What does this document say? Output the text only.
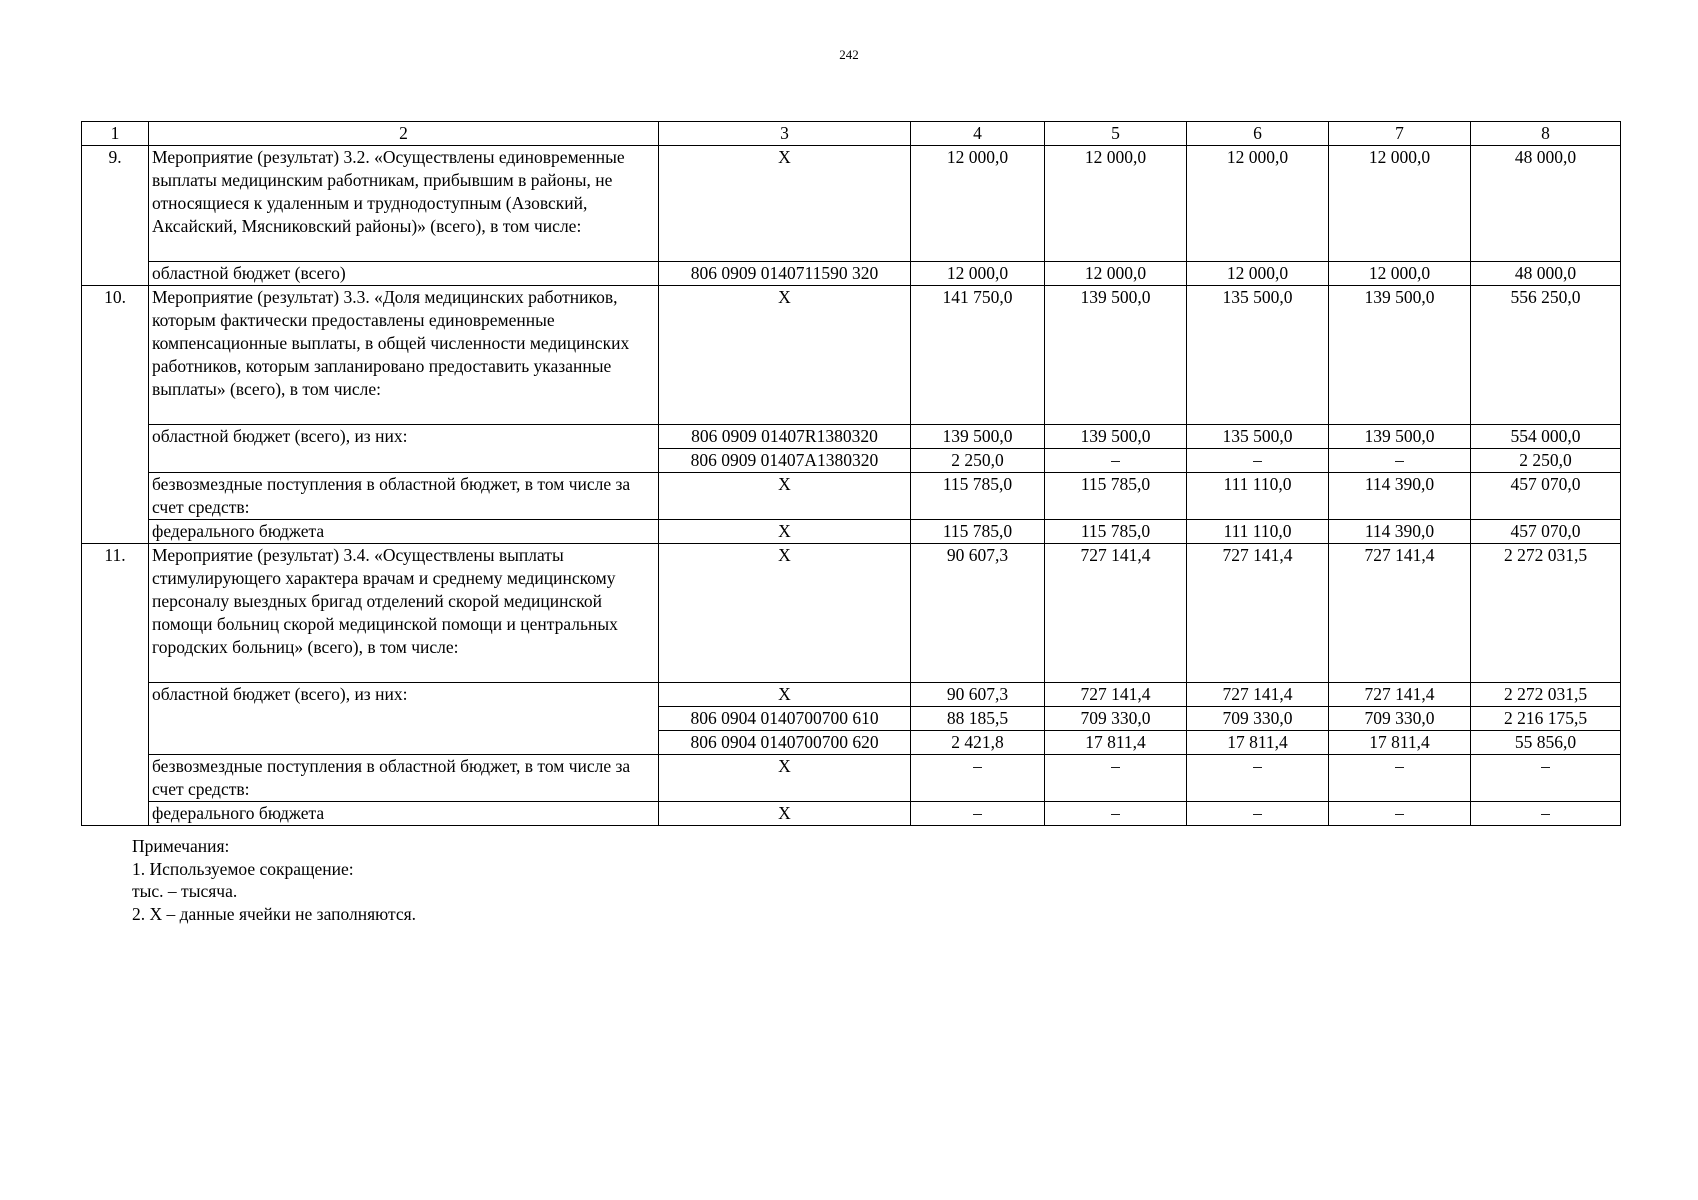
242
1	2	3	4	5	6	7	8
9.	Мероприятие (результат) 3.2. «Осуществлены единовременные выплаты медицинским работникам, прибывшим в районы, не относящиеся к удаленным и труднодоступным (Азовский, Аксайский, Мясниковский районы)» (всего), в том числе:	X	12 000,0	12 000,0	12 000,0	12 000,0	48 000,0
	областной бюджет (всего)	806 0909 0140711590 320	12 000,0	12 000,0	12 000,0	12 000,0	48 000,0
10.	Мероприятие (результат) 3.3. «Доля медицинских работников, которым фактически предоставлены единовременные компенсационные выплаты, в общей численности медицинских работников, которым запланировано предоставить указанные выплаты» (всего), в том числе:	X	141 750,0	139 500,0	135 500,0	139 500,0	556 250,0
	областной бюджет (всего), из них:	806 0909 01407R1380320	139 500,0	139 500,0	135 500,0	139 500,0	554 000,0
		806 0909 01407A1380320	2 250,0	–	–	–	2 250,0
	безвозмездные поступления в областной бюджет, в том числе за счет средств:	X	115 785,0	115 785,0	111 110,0	114 390,0	457 070,0
	федерального бюджета	X	115 785,0	115 785,0	111 110,0	114 390,0	457 070,0
11.	Мероприятие (результат) 3.4. «Осуществлены выплаты стимулирующего характера врачам и среднему медицинскому персоналу выездных бригад отделений скорой медицинской помощи больниц скорой медицинской помощи и центральных городских больниц» (всего), в том числе:	X	90 607,3	727 141,4	727 141,4	727 141,4	2 272 031,5
	областной бюджет (всего), из них:	X	90 607,3	727 141,4	727 141,4	727 141,4	2 272 031,5
		806 0904 0140700700 610	88 185,5	709 330,0	709 330,0	709 330,0	2 216 175,5
		806 0904 0140700700 620	2 421,8	17 811,4	17 811,4	17 811,4	55 856,0
	безвозмездные поступления в областной бюджет, в том числе за счет средств:	X	–	–	–	–	–
	федерального бюджета	X	–	–	–	–	–
Примечания:
1. Используемое сокращение:
тыс. – тысяча.
2. X – данные ячейки не заполняются.
